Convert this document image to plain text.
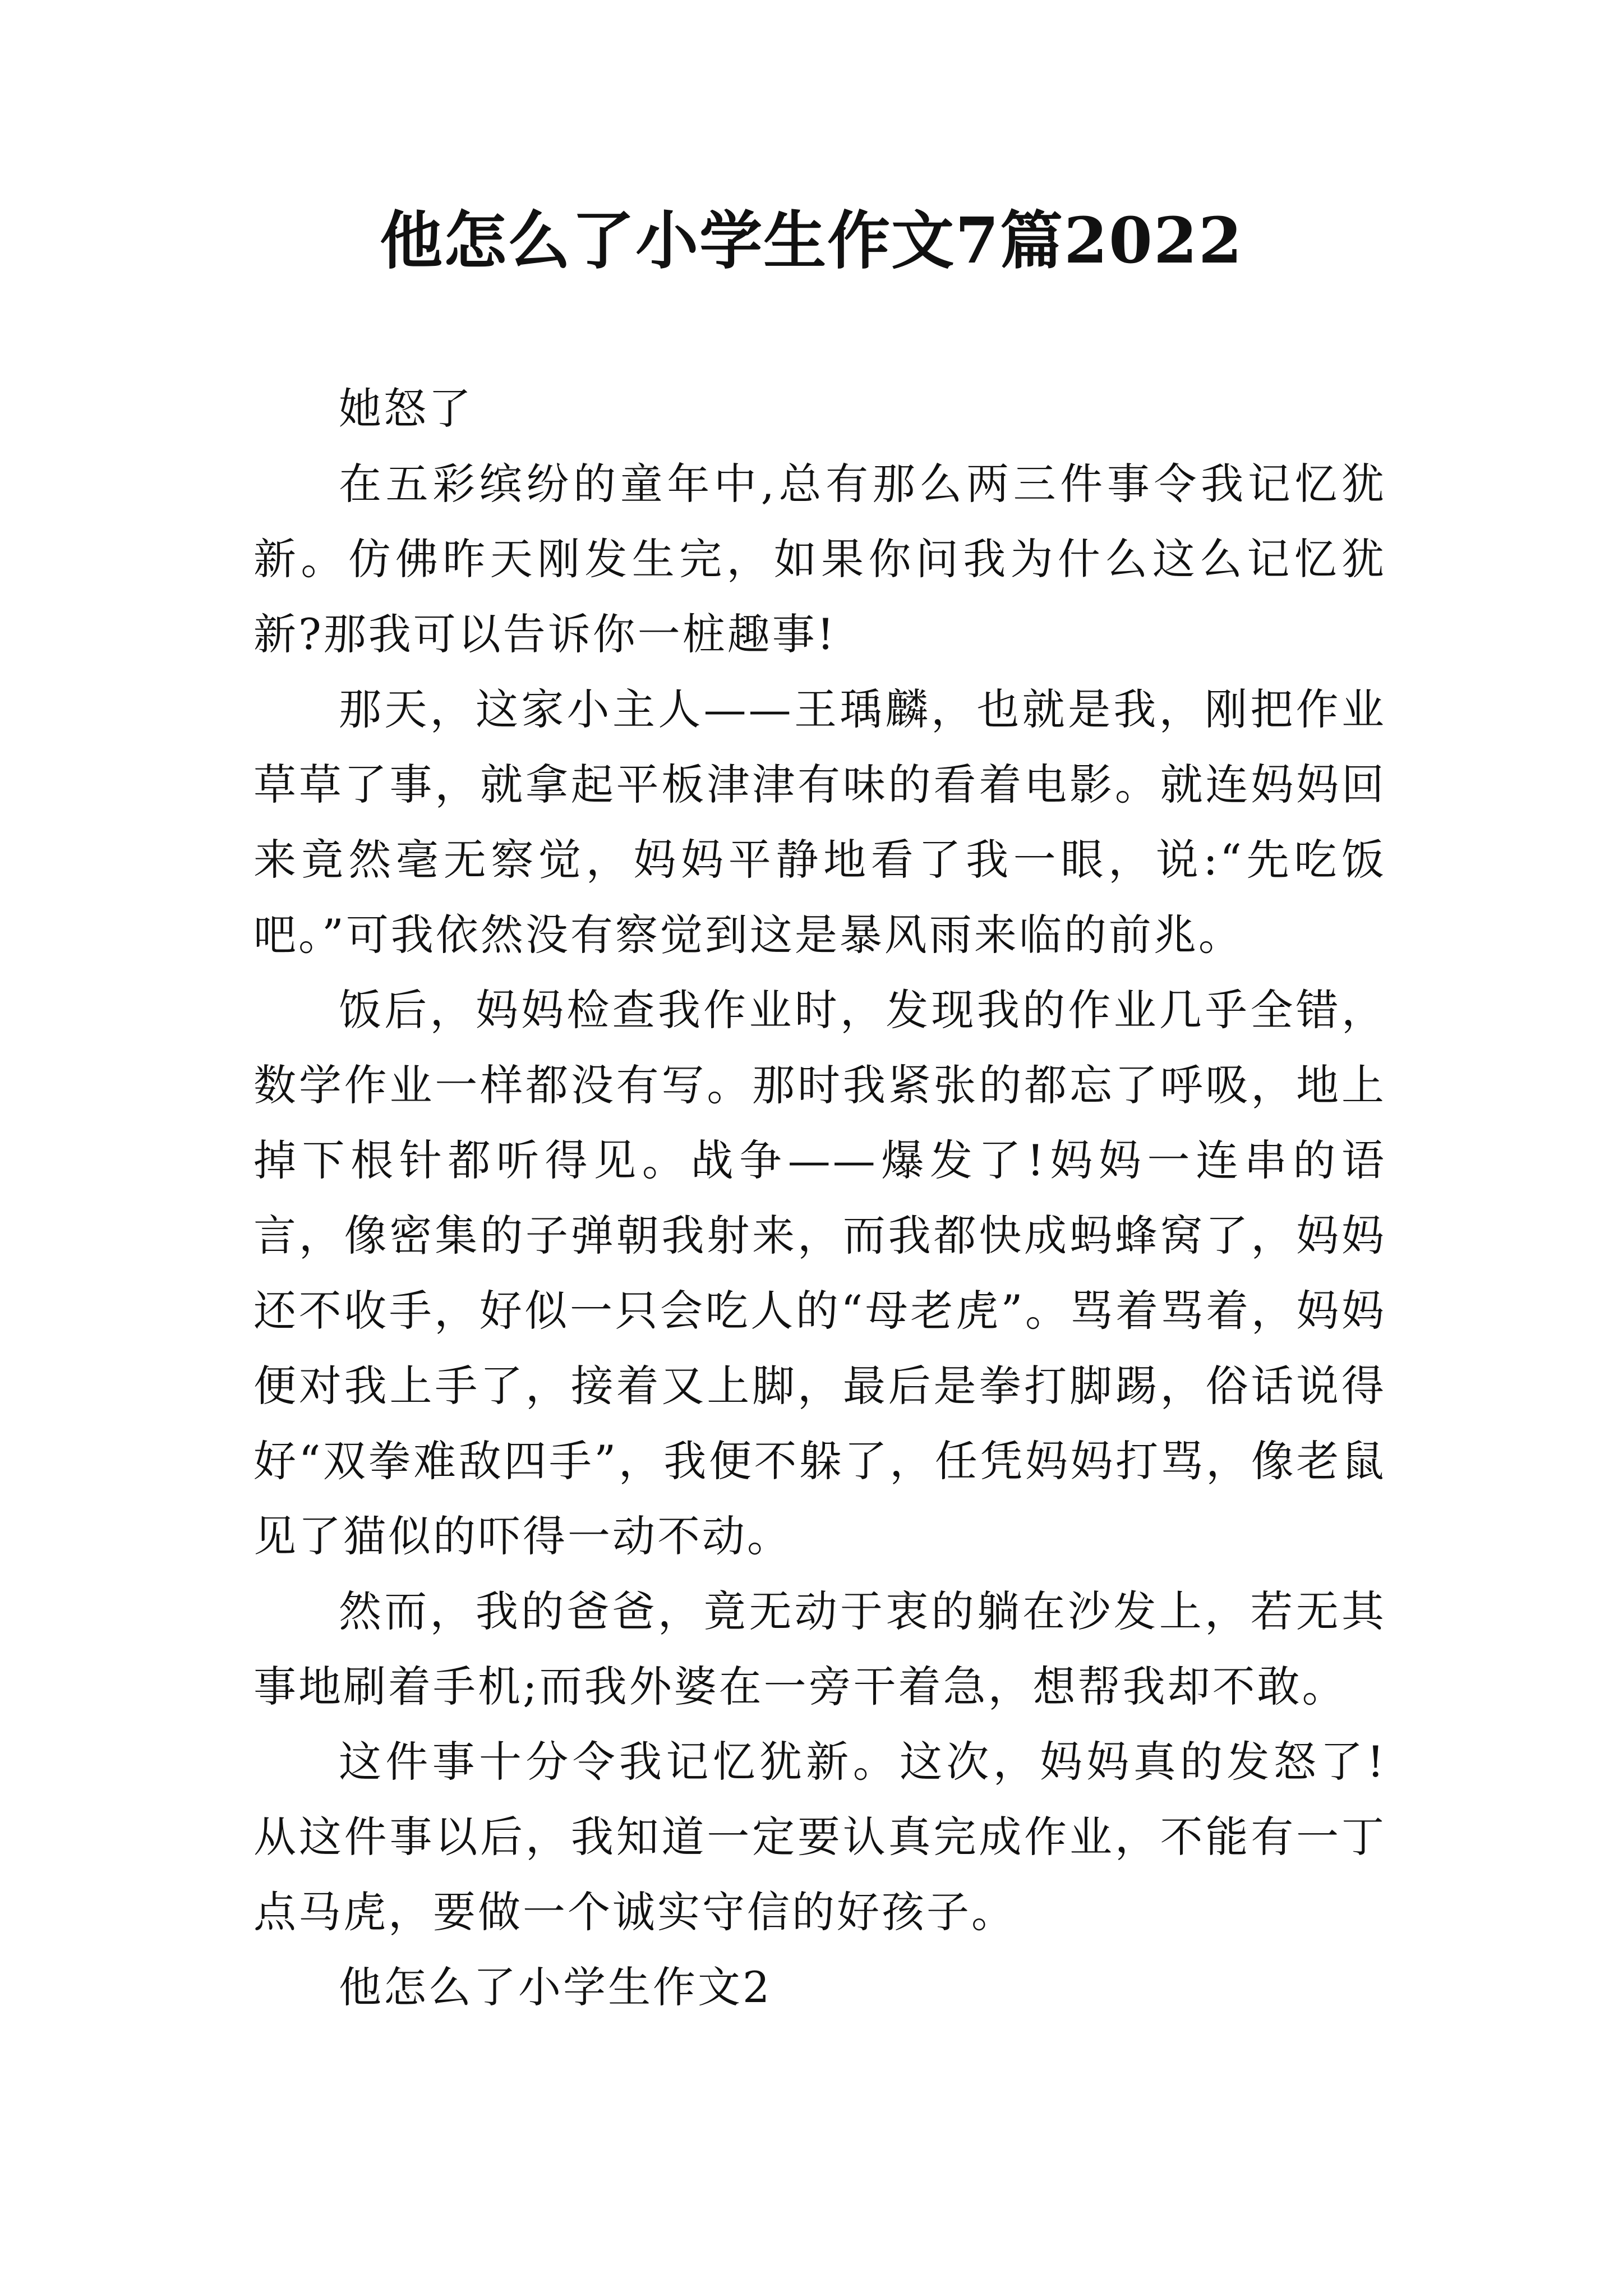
他怎么了小学生作文7篇2022

她怒了

在五彩缤纷的童年中,总有那么两三件事令我记忆犹新。仿佛昨天刚发生完，如果你问我为什么这么记忆犹新?那我可以告诉你一桩趣事!

那天，这家小主人——王瑀麟，也就是我，刚把作业草草了事，就拿起平板津津有味的看着电影。就连妈妈回来竟然毫无察觉，妈妈平静地看了我一眼，说:“先吃饭吧。”可我依然没有察觉到这是暴风雨来临的前兆。

饭后，妈妈检查我作业时，发现我的作业几乎全错，数学作业一样都没有写。那时我紧张的都忘了呼吸，地上掉下根针都听得见。战争——爆发了!妈妈一连串的语言，像密集的子弹朝我射来，而我都快成蚂蜂窝了，妈妈还不收手，好似一只会吃人的“母老虎”。骂着骂着，妈妈便对我上手了，接着又上脚，最后是拳打脚踢，俗话说得好“双拳难敌四手”，我便不躲了，任凭妈妈打骂，像老鼠见了猫似的吓得一动不动。

然而，我的爸爸，竟无动于衷的躺在沙发上，若无其事地刷着手机;而我外婆在一旁干着急，想帮我却不敢。

这件事十分令我记忆犹新。这次，妈妈真的发怒了!从这件事以后，我知道一定要认真完成作业，不能有一丁点马虎，要做一个诚实守信的好孩子。

他怎么了小学生作文2
